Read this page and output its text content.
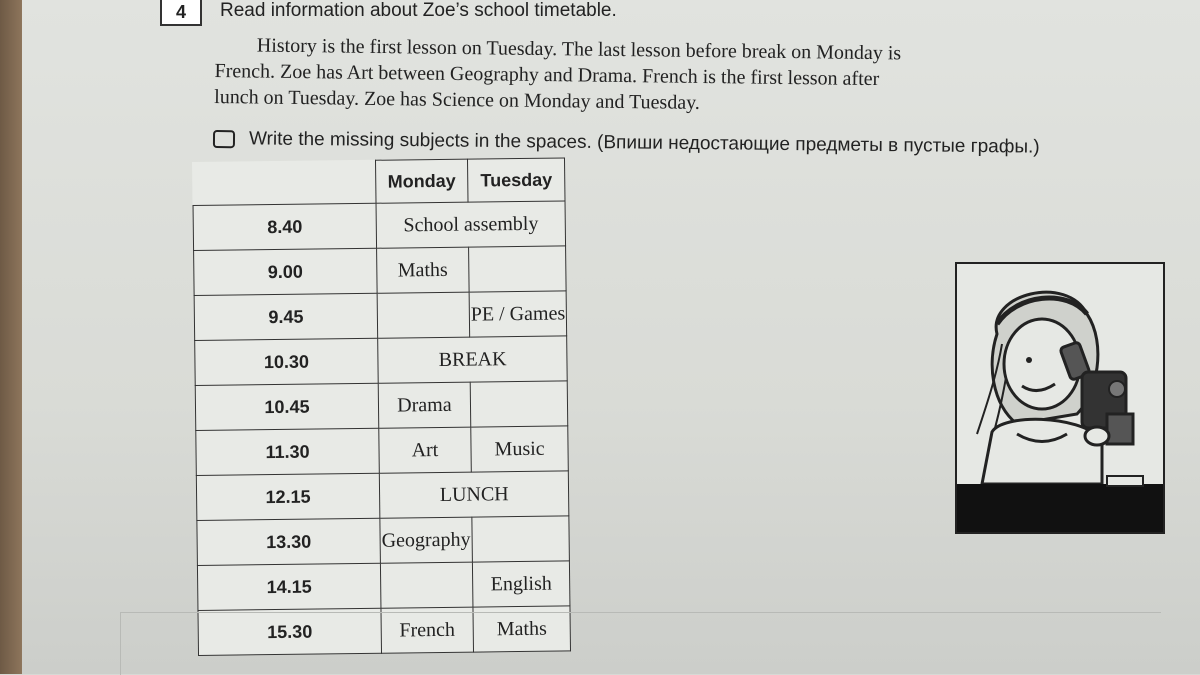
4	Read information about Zoe’s school timetable.
History is the first lesson on Tuesday. The last lesson before break on Monday is
French. Zoe has Art between Geography and Drama. French is the first lesson after
lunch on Tuesday. Zoe has Science on Monday and Tuesday.
Write the missing subjects in the spaces. (Впиши недостающие предметы в пустые графы.)
	Monday	Tuesday
8.40	School assembly	
9.00	Maths	
9.45		PE / Games
10.30	BREAK	
10.45	Drama	
11.30	Art	Music
12.15	LUNCH	
13.30	Geography	
14.15		English
15.30	French	Maths
